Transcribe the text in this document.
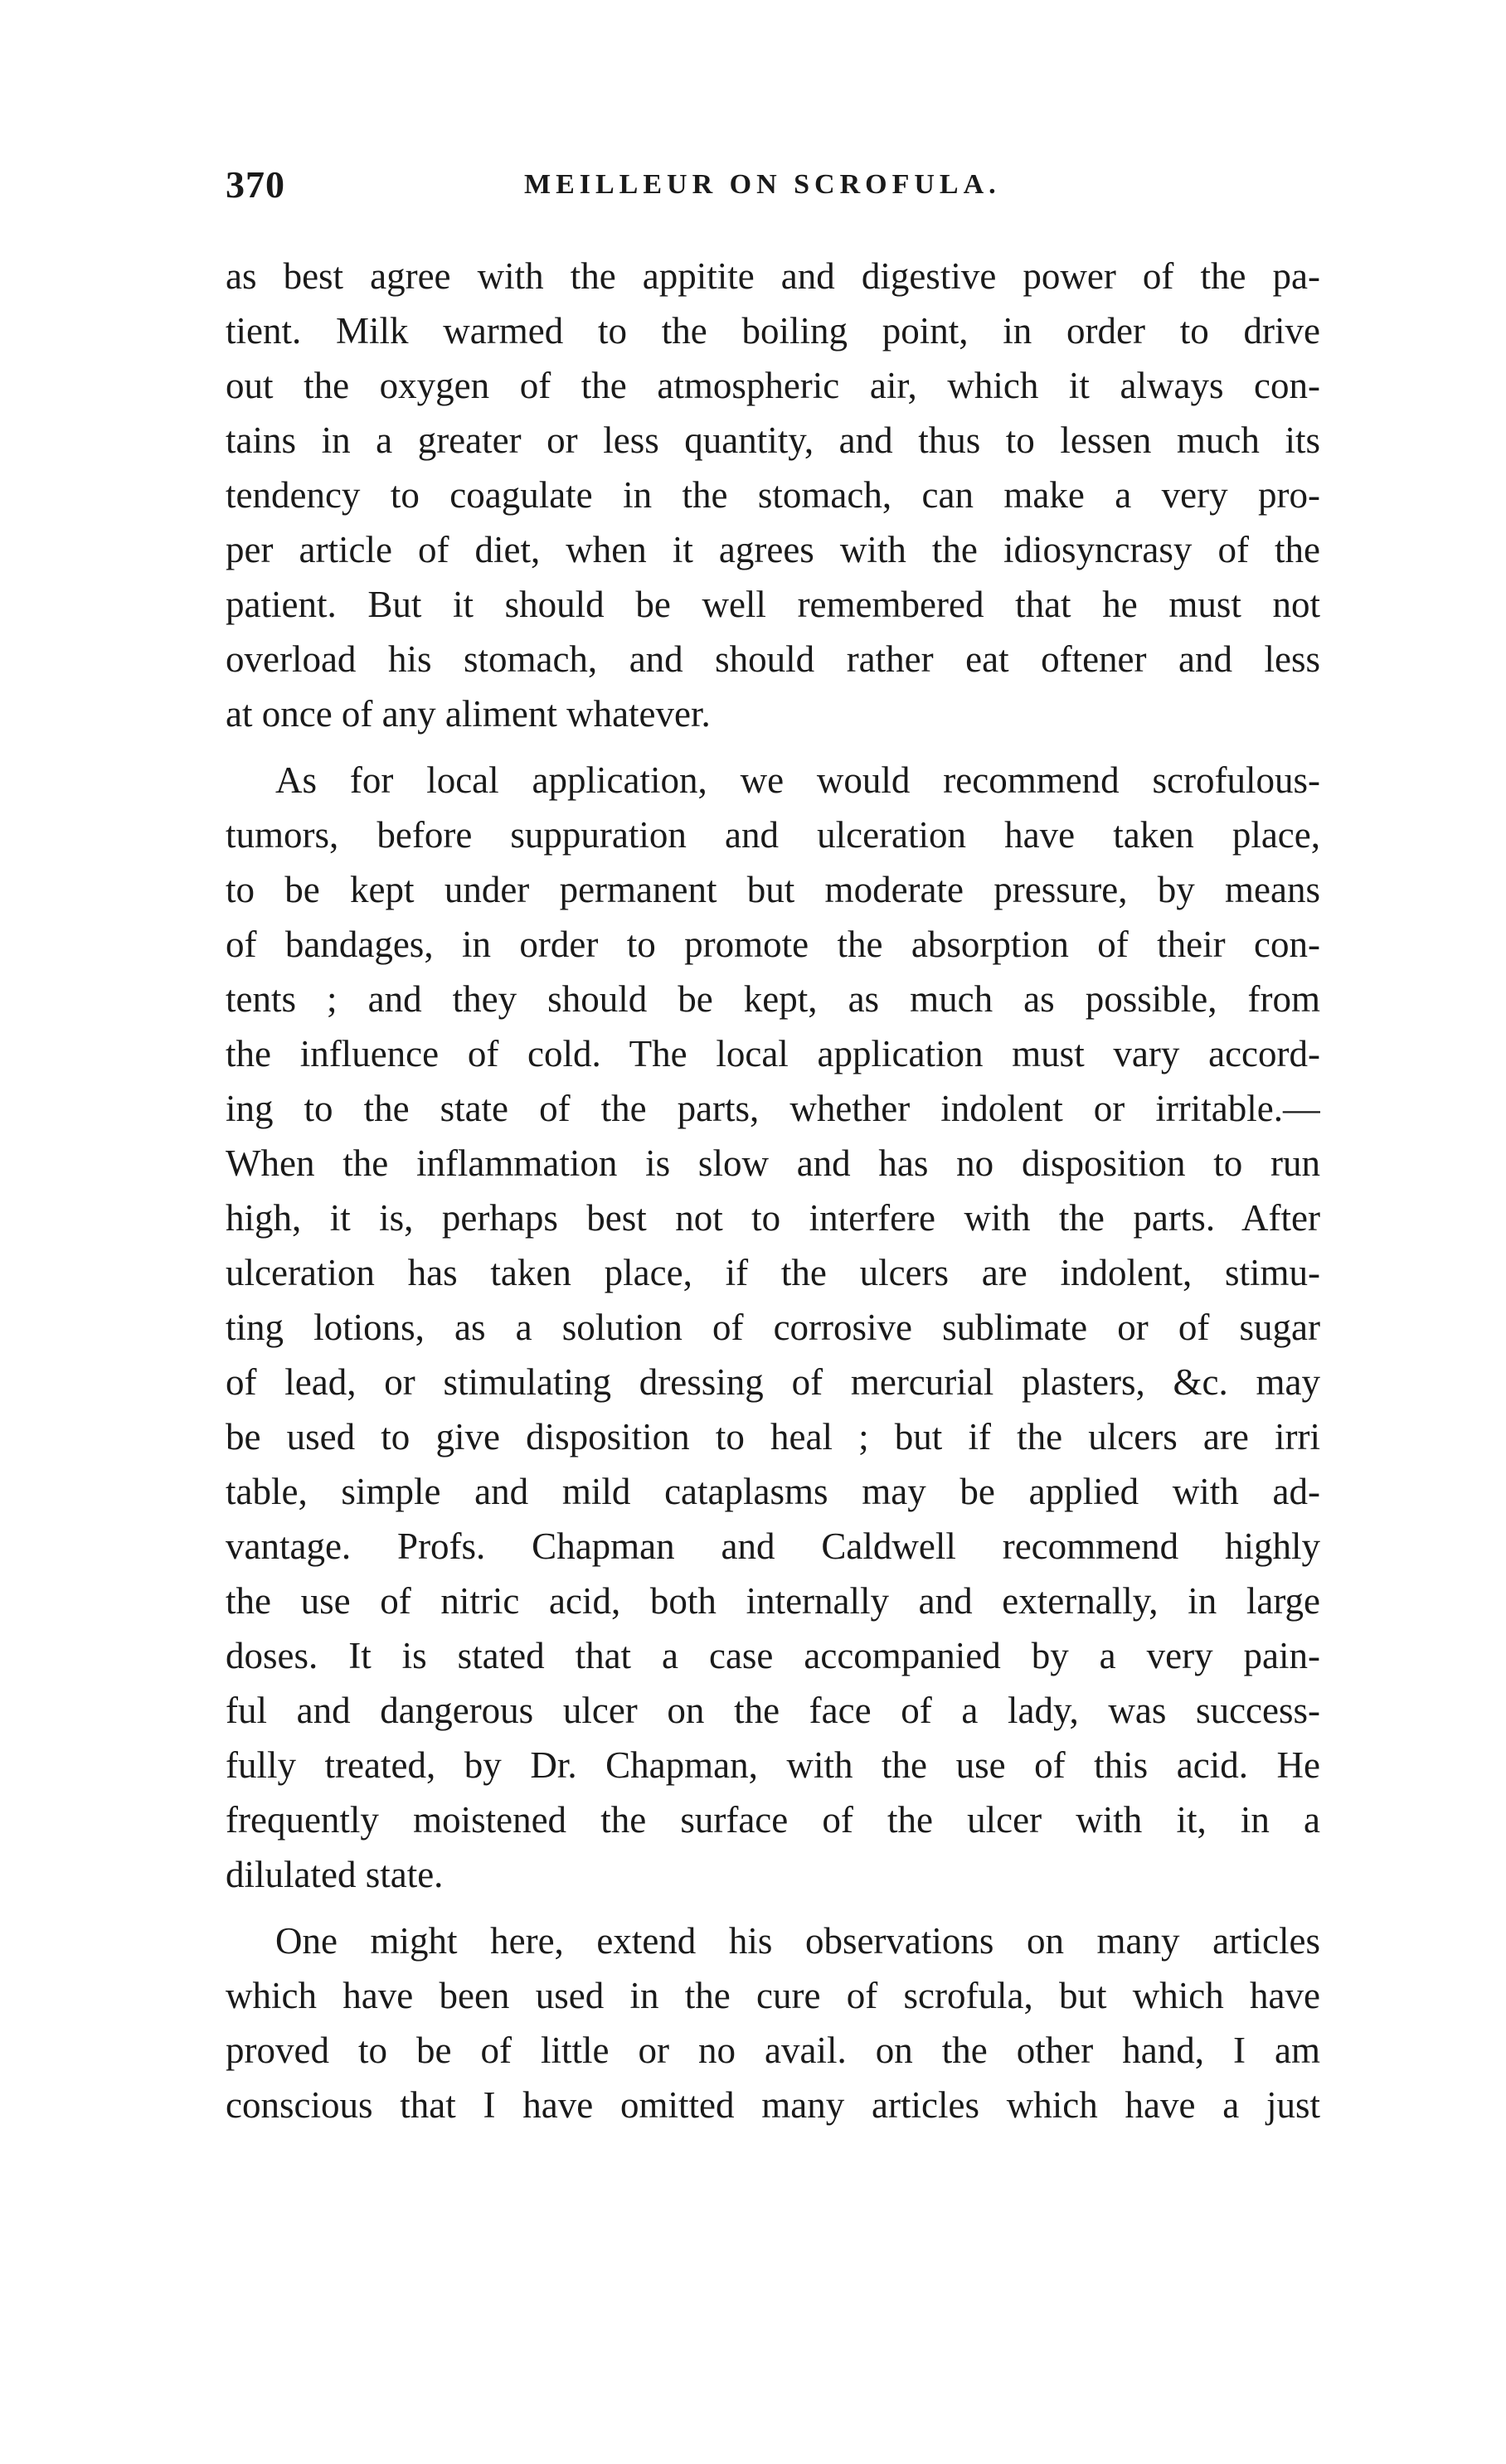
370	MEILLEUR ON SCROFULA.
as best agree with the appitite and digestive power of the pa-
tient. Milk warmed to the boiling point, in order to drive
out the oxygen of the atmospheric air, which it always con-
tains in a greater or less quantity, and thus to lessen much its
tendency to coagulate in the stomach, can make a very pro-
per article of diet, when it agrees with the idiosyncrasy of the
patient. But it should be well remembered that he must not
overload his stomach, and should rather eat oftener and less
at once of any aliment whatever.
As for local application, we would recommend scrofulous-
tumors, before suppuration and ulceration have taken place,
to be kept under permanent but moderate pressure, by means
of bandages, in order to promote the absorption of their con-
tents ; and they should be kept, as much as possible, from
the influence of cold. The local application must vary accord-
ing to the state of the parts, whether indolent or irritable.—
When the inflammation is slow and has no disposition to run
high, it is, perhaps best not to interfere with the parts. After
ulceration has taken place, if the ulcers are indolent, stimu-
ting lotions, as a solution of corrosive sublimate or of sugar
of lead, or stimulating dressing of mercurial plasters, &c. may
be used to give disposition to heal ; but if the ulcers are irri
table, simple and mild cataplasms may be applied with ad-
vantage. Profs. Chapman and Caldwell recommend highly
the use of nitric acid, both internally and externally, in large
doses. It is stated that a case accompanied by a very pain-
ful and dangerous ulcer on the face of a lady, was success-
fully treated, by Dr. Chapman, with the use of this acid. He
frequently moistened the surface of the ulcer with it, in a
dilulated state.
One might here, extend his observations on many articles
which have been used in the cure of scrofula, but which have
proved to be of little or no avail. on the other hand, I am
conscious that I have omitted many articles which have a just
